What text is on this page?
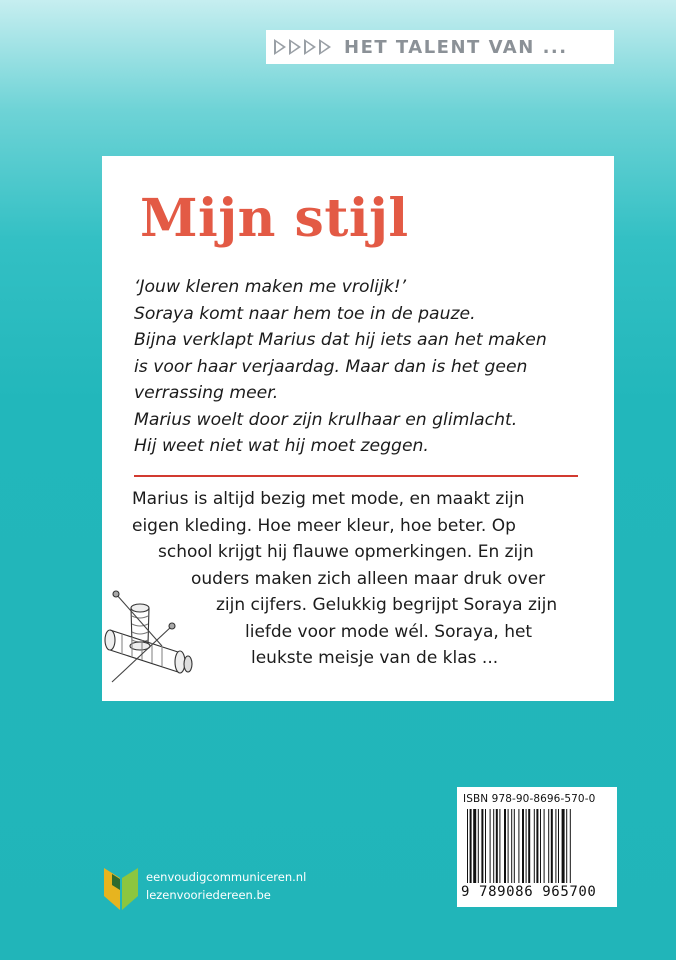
HET TALENT VAN ...
Mijn stijl
‘Jouw kleren maken me vrolijk!’
Soraya komt naar hem toe in de pauze.
Bijna verklapt Marius dat hij iets aan het maken
is voor haar verjaardag. Maar dan is het geen
verrassing meer.
Marius woelt door zijn krulhaar en glimlacht.
Hij weet niet wat hij moet zeggen.
Marius is altijd bezig met mode, en maakt zijn
eigen kleding. Hoe meer kleur, hoe beter. Op
school krijgt hij flauwe opmerkingen. En zijn
ouders maken zich alleen maar druk over
zijn cijfers. Gelukkig begrijpt Soraya zijn
liefde voor mode wél. Soraya, het
leukste meisje van de klas ...
ISBN 978-90-8696-570-0
9 789086 965700
eenvoudigcommuniceren.nl
lezenvooriedereen.be
